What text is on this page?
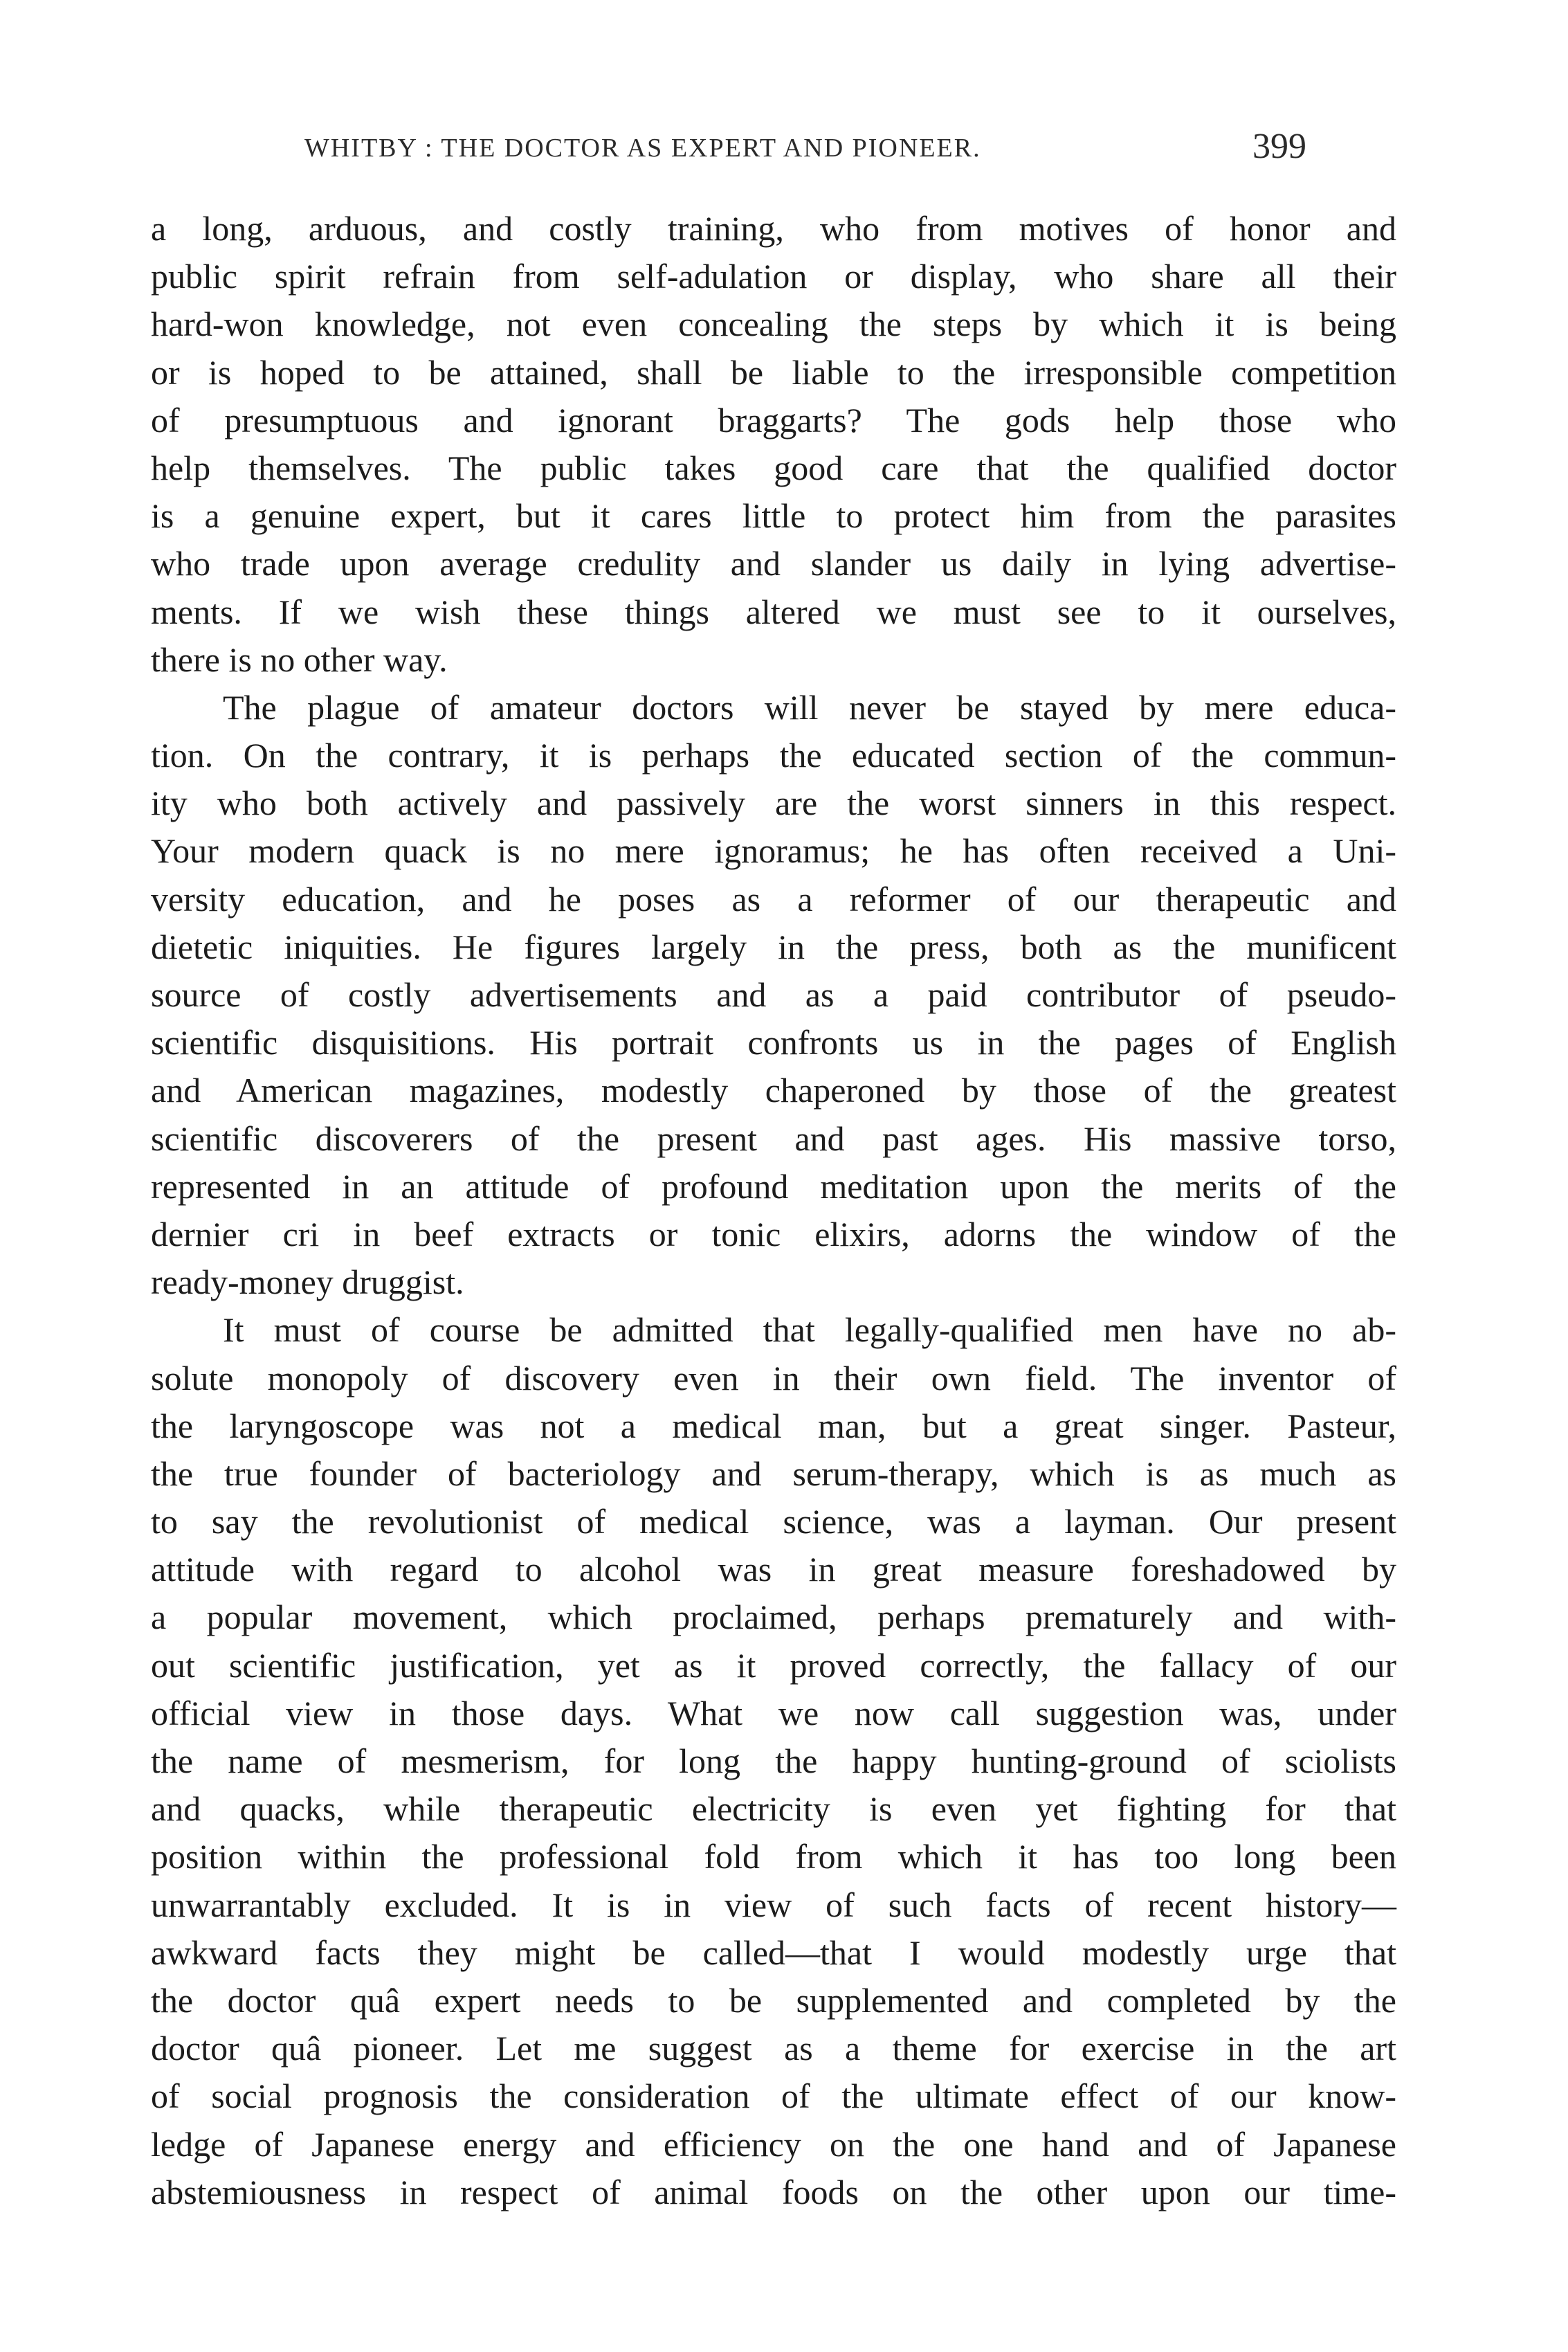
WHITBY : THE DOCTOR AS EXPERT AND PIONEER.	399
a long, arduous, and costly training, who from motives of honor and
public spirit refrain from self-adulation or display, who share all their
hard-won knowledge, not even concealing the steps by which it is being
or is hoped to be attained, shall be liable to the irresponsible competition
of presumptuous and ignorant braggarts? The gods help those who
help themselves. The public takes good care that the qualified doctor
is a genuine expert, but it cares little to protect him from the parasites
who trade upon average credulity and slander us daily in lying advertise-
ments. If we wish these things altered we must see to it ourselves,
there is no other way.
The plague of amateur doctors will never be stayed by mere educa-
tion. On the contrary, it is perhaps the educated section of the commun-
ity who both actively and passively are the worst sinners in this respect.
Your modern quack is no mere ignoramus; he has often received a Uni-
versity education, and he poses as a reformer of our therapeutic and
dietetic iniquities. He figures largely in the press, both as the munificent
source of costly advertisements and as a paid contributor of pseudo-
scientific disquisitions. His portrait confronts us in the pages of English
and American magazines, modestly chaperoned by those of the greatest
scientific discoverers of the present and past ages. His massive torso,
represented in an attitude of profound meditation upon the merits of the
dernier cri in beef extracts or tonic elixirs, adorns the window of the
ready-money druggist.
It must of course be admitted that legally-qualified men have no ab-
solute monopoly of discovery even in their own field. The inventor of
the laryngoscope was not a medical man, but a great singer. Pasteur,
the true founder of bacteriology and serum-therapy, which is as much as
to say the revolutionist of medical science, was a layman. Our present
attitude with regard to alcohol was in great measure foreshadowed by
a popular movement, which proclaimed, perhaps prematurely and with-
out scientific justification, yet as it proved correctly, the fallacy of our
official view in those days. What we now call suggestion was, under
the name of mesmerism, for long the happy hunting-ground of sciolists
and quacks, while therapeutic electricity is even yet fighting for that
position within the professional fold from which it has too long been
unwarrantably excluded. It is in view of such facts of recent history—
awkward facts they might be called—that I would modestly urge that
the doctor quâ expert needs to be supplemented and completed by the
doctor quâ pioneer. Let me suggest as a theme for exercise in the art
of social prognosis the consideration of the ultimate effect of our know-
ledge of Japanese energy and efficiency on the one hand and of Japanese
abstemiousness in respect of animal foods on the other upon our time-
